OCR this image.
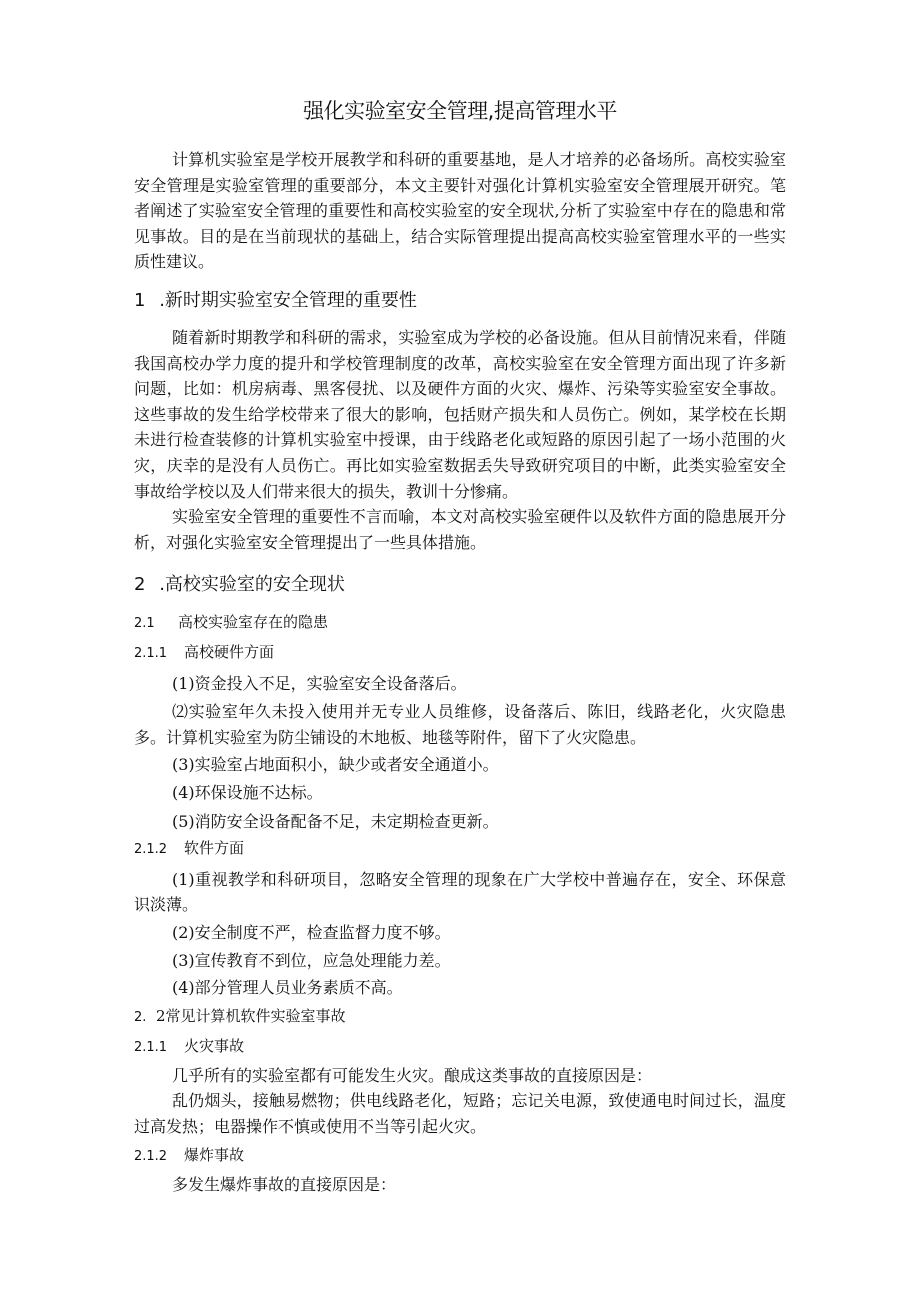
强化实验室安全管理,提高管理水平

计算机实验室是学校开展教学和科研的重要基地，是人才培养的必备场所。高校实验室安全管理是实验室管理的重要部分，本文主要针对强化计算机实验室安全管理展开研究。笔者阐述了实验室安全管理的重要性和高校实验室的安全现状,分析了实验室中存在的隐患和常见事故。目的是在当前现状的基础上，结合实际管理提出提高高校实验室管理水平的一些实质性建议。

1 .新时期实验室安全管理的重要性

随着新时期教学和科研的需求，实验室成为学校的必备设施。但从目前情况来看，伴随我国高校办学力度的提升和学校管理制度的改革，高校实验室在安全管理方面出现了许多新问题，比如：机房病毒、黑客侵扰、以及硬件方面的火灾、爆炸、污染等实验室安全事故。这些事故的发生给学校带来了很大的影响，包括财产损失和人员伤亡。例如，某学校在长期未进行检查装修的计算机实验室中授课，由于线路老化或短路的原因引起了一场小范围的火灾，庆幸的是没有人员伤亡。再比如实验室数据丢失导致研究项目的中断，此类实验室安全事故给学校以及人们带来很大的损失，教训十分惨痛。

实验室安全管理的重要性不言而喻，本文对高校实验室硬件以及软件方面的隐患展开分析，对强化实验室安全管理提出了一些具体措施。

2 .高校实验室的安全现状
2.1 高校实验室存在的隐患
2.1.1 高校硬件方面

(1)资金投入不足，实验室安全设备落后。

⑵实验室年久未投入使用并无专业人员维修，设备落后、陈旧，线路老化，火灾隐患多。计算机实验室为防尘铺设的木地板、地毯等附件，留下了火灾隐患。

(3)实验室占地面积小，缺少或者安全通道小。

(4)环保设施不达标。

(5)消防安全设备配备不足，未定期检查更新。

2.1.2 软件方面

(1)重视教学和科研项目，忽略安全管理的现象在广大学校中普遍存在，安全、环保意识淡薄。

(2)安全制度不严，检查监督力度不够。

(3)宣传教育不到位，应急处理能力差。

(4)部分管理人员业务素质不高。

2. 2常见计算机软件实验室事故
2.1.1 火灾事故

几乎所有的实验室都有可能发生火灾。酿成这类事故的直接原因是：

乱仍烟头，接触易燃物；供电线路老化，短路；忘记关电源，致使通电时间过长，温度过高发热；电器操作不慎或使用不当等引起火灾。

2.1.2 爆炸事故

多发生爆炸事故的直接原因是：
